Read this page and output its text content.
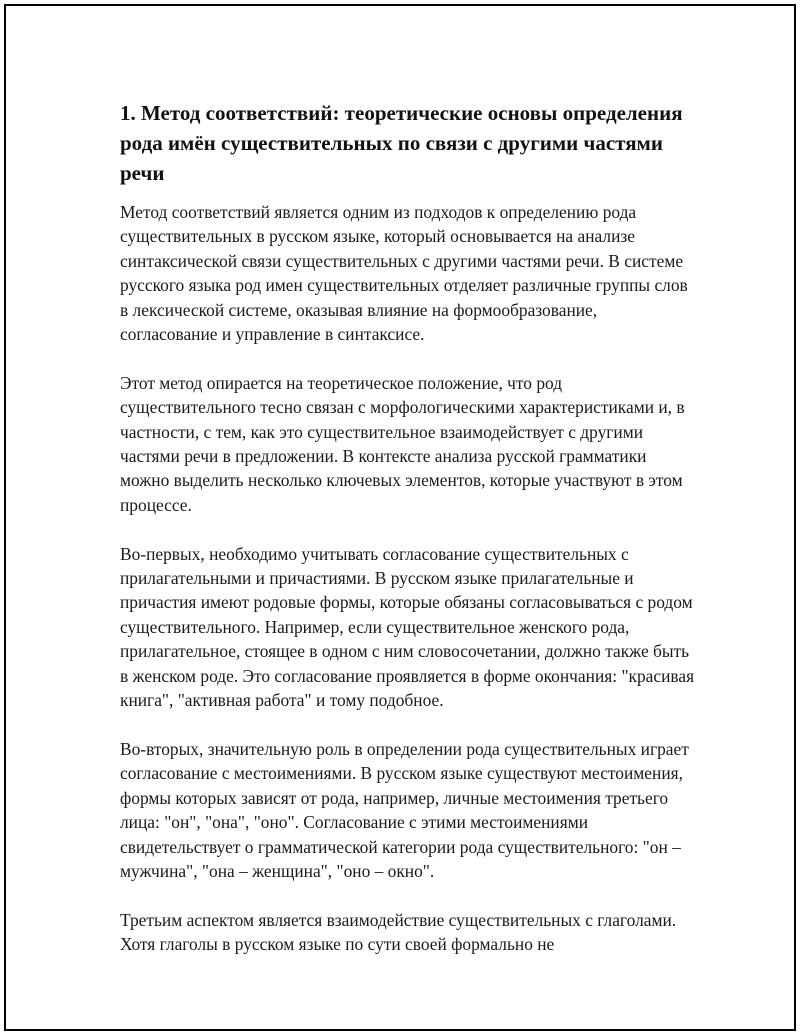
1. Метод соответствий: теоретические основы определения рода имён существительных по связи с другими частями речи

Метод соответствий является одним из подходов к определению рода существительных в русском языке, который основывается на анализе синтаксической связи существительных с другими частями речи. В системе русского языка род имен существительных отделяет различные группы слов в лексической системе, оказывая влияние на формообразование, согласование и управление в синтаксисе.

Этот метод опирается на теоретическое положение, что род существительного тесно связан с морфологическими характеристиками и, в частности, с тем, как это существительное взаимодействует с другими частями речи в предложении. В контексте анализа русской грамматики можно выделить несколько ключевых элементов, которые участвуют в этом процессе.

Во-первых, необходимо учитывать согласование существительных с прилагательными и причастиями. В русском языке прилагательные и причастия имеют родовые формы, которые обязаны согласовываться с родом существительного. Например, если существительное женского рода, прилагательное, стоящее в одном с ним словосочетании, должно также быть в женском роде. Это согласование проявляется в форме окончания: "красивая книга", "активная работа" и тому подобное.

Во-вторых, значительную роль в определении рода существительных играет согласование с местоимениями. В русском языке существуют местоимения, формы которых зависят от рода, например, личные местоимения третьего лица: "он", "она", "оно". Согласование с этими местоимениями свидетельствует о грамматической категории рода существительного: "он – мужчина", "она – женщина", "оно – окно".

Третьим аспектом является взаимодействие существительных с глаголами. Хотя глаголы в русском языке по сути своей формально не
